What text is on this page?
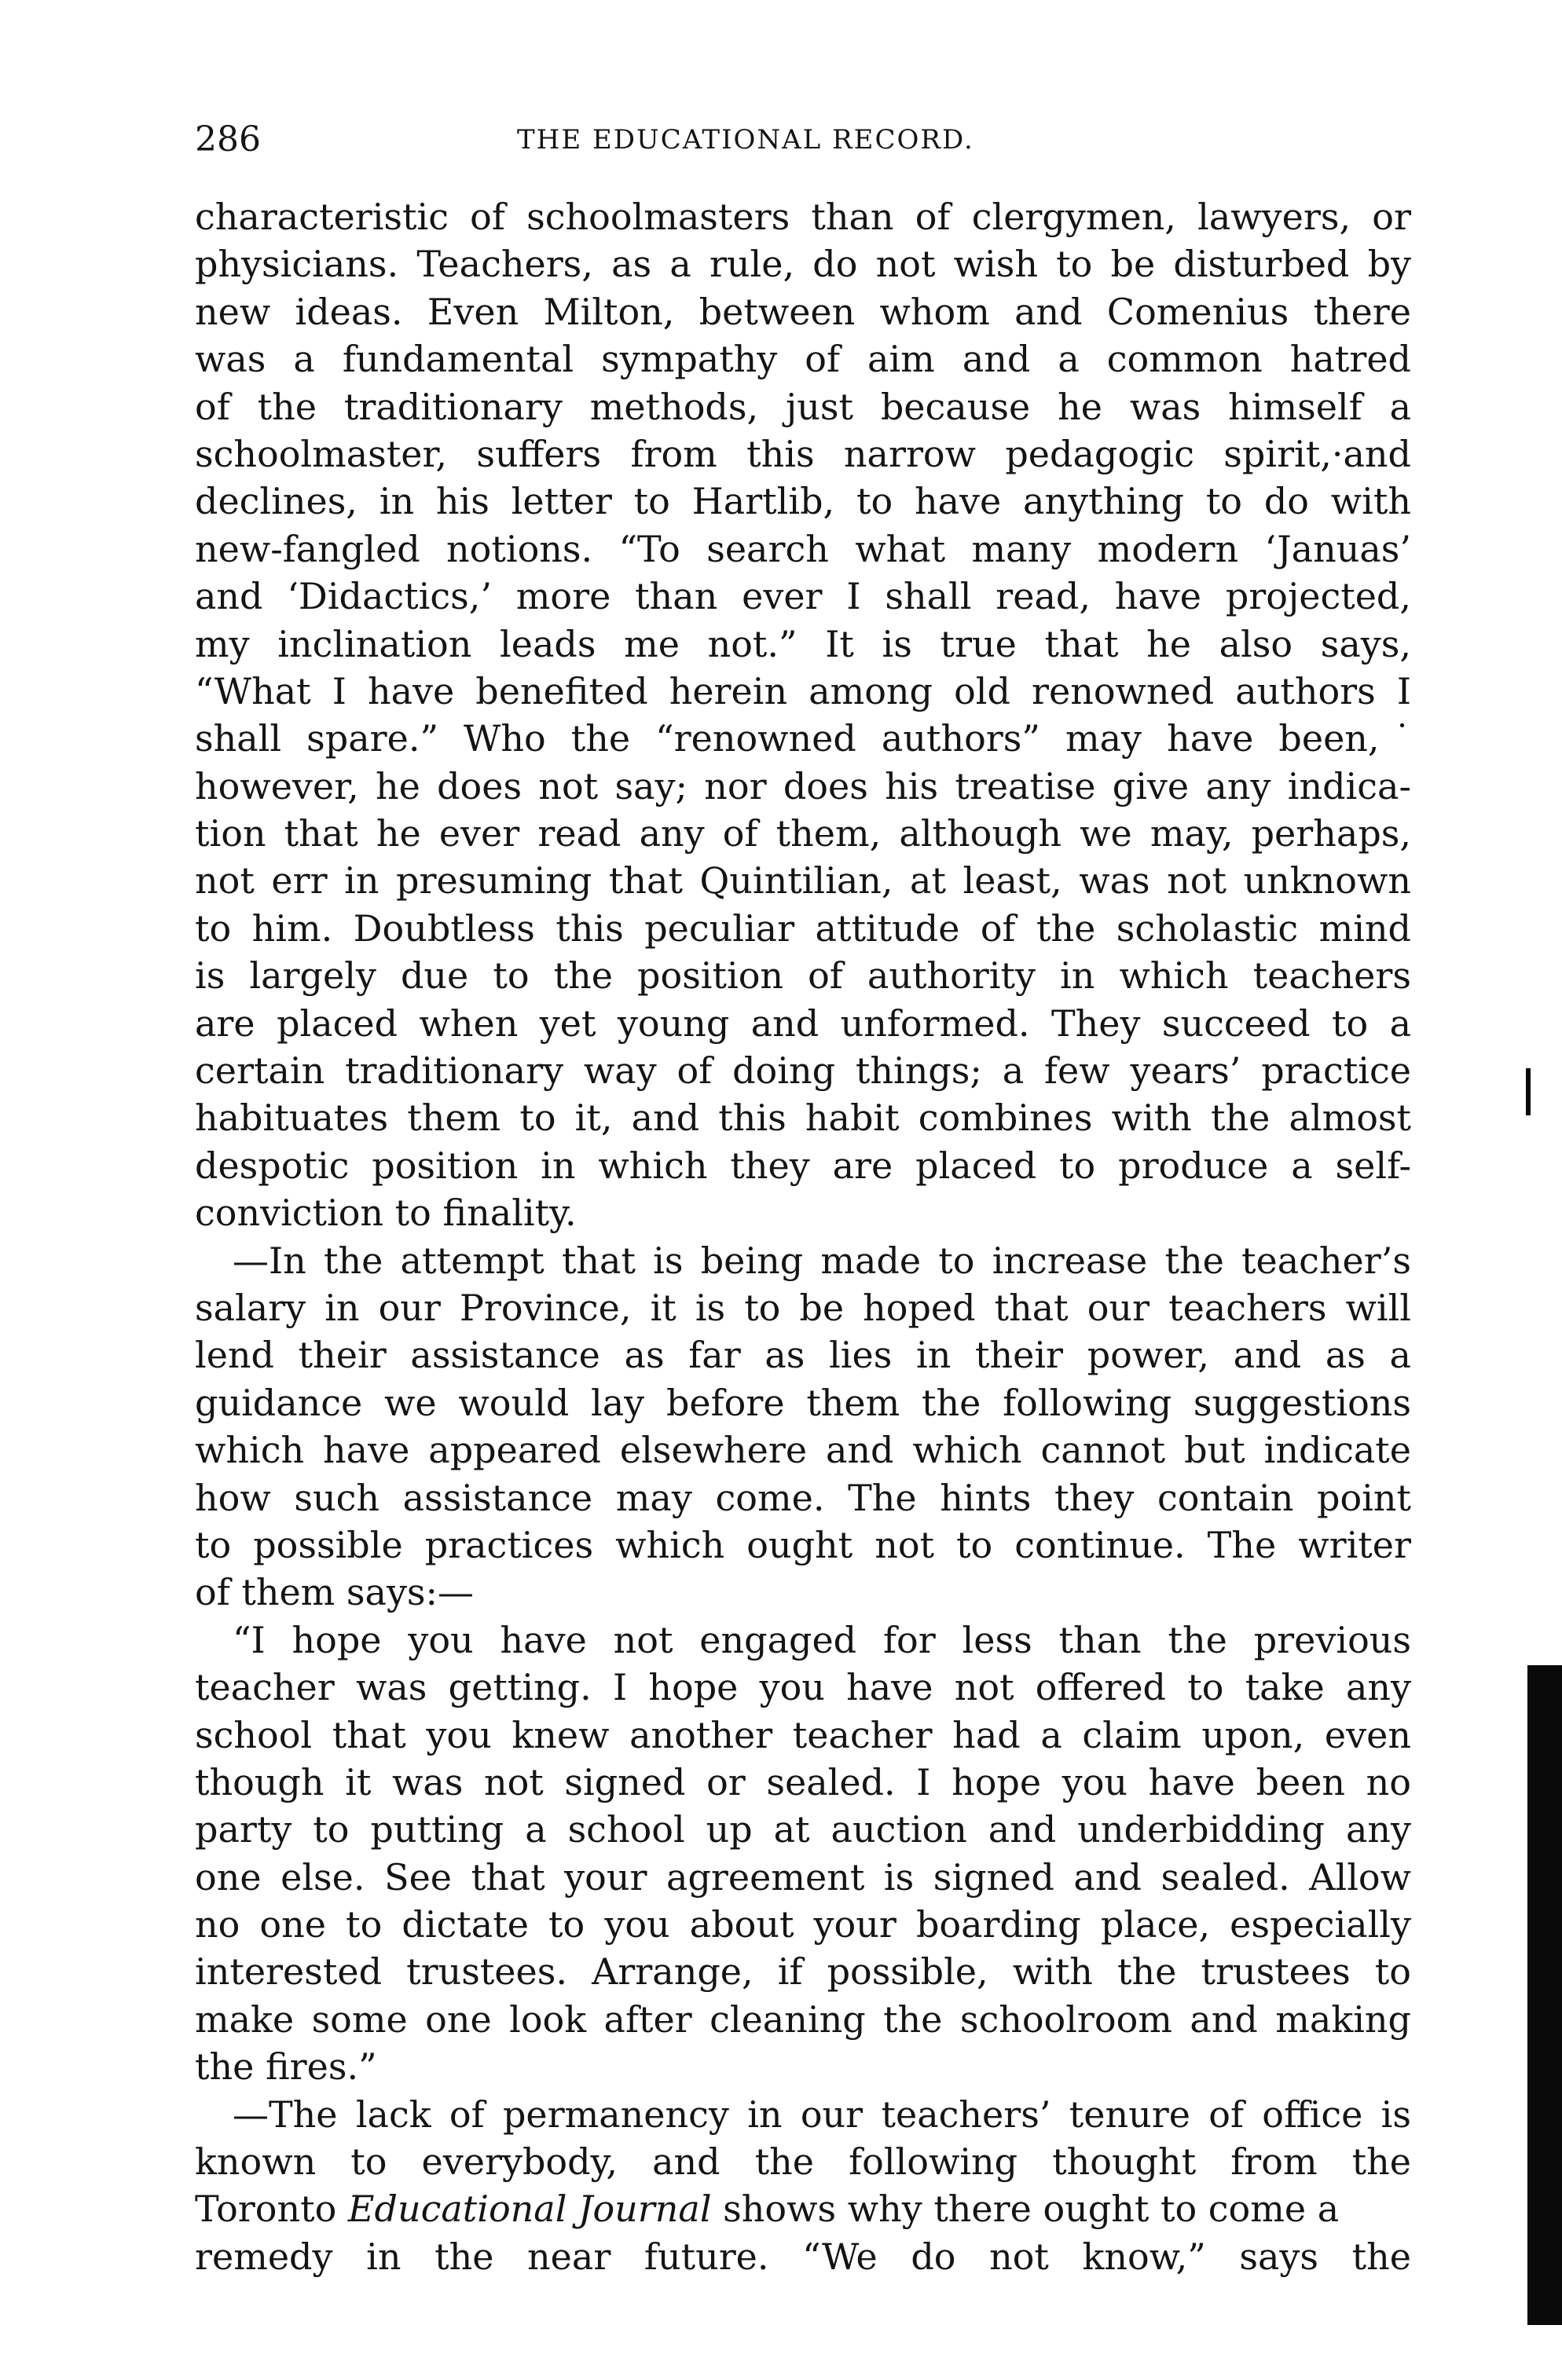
286	THE EDUCATIONAL RECORD.
characteristic of schoolmasters than of clergymen, lawyers, or
physicians. Teachers, as a rule, do not wish to be disturbed by
new ideas. Even Milton, between whom and Comenius there
was a fundamental sympathy of aim and a common hatred
of the traditionary methods, just because he was himself a
schoolmaster, suffers from this narrow pedagogic spirit,·and
declines, in his letter to Hartlib, to have anything to do with
new-fangled notions. “To search what many modern ‘Januas’
and ‘Didactics,’ more than ever I shall read, have projected,
my inclination leads me not.” It is true that he also says,
“What I have benefited herein among old renowned authors I
shall spare.” Who the “renowned authors” may have been,˙
however, he does not say; nor does his treatise give any indica-
tion that he ever read any of them, although we may, perhaps,
not err in presuming that Quintilian, at least, was not unknown
to him. Doubtless this peculiar attitude of the scholastic mind
is largely due to the position of authority in which teachers
are placed when yet young and unformed. They succeed to a
certain traditionary way of doing things; a few years’ practice
habituates them to it, and this habit combines with the almost
despotic position in which they are placed to produce a self-
conviction to finality.
—In the attempt that is being made to increase the teacher’s
salary in our Province, it is to be hoped that our teachers will
lend their assistance as far as lies in their power, and as a
guidance we would lay before them the following suggestions
which have appeared elsewhere and which cannot but indicate
how such assistance may come. The hints they contain point
to possible practices which ought not to continue. The writer
of them says:—
“I hope you have not engaged for less than the previous
teacher was getting. I hope you have not offered to take any
school that you knew another teacher had a claim upon, even
though it was not signed or sealed. I hope you have been no
party to putting a school up at auction and underbidding any
one else. See that your agreement is signed and sealed. Allow
no one to dictate to you about your boarding place, especially
interested trustees. Arrange, if possible, with the trustees to
make some one look after cleaning the schoolroom and making
the fires.”
—The lack of permanency in our teachers’ tenure of office is
known to everybody, and the following thought from the
Toronto Educational Journal shows why there ought to come a
remedy in the near future. “We do not know,” says the
